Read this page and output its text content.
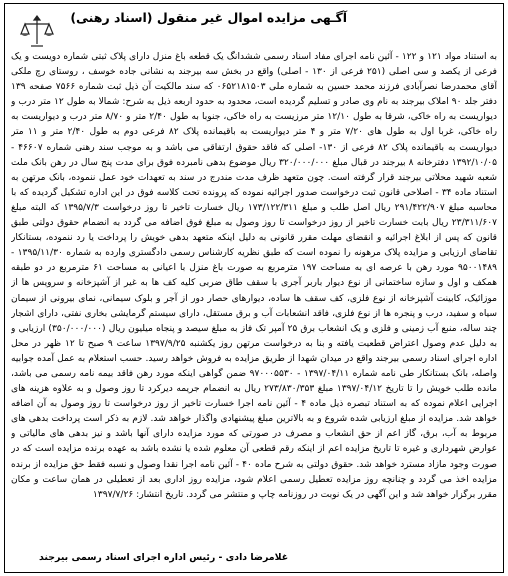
آگـهی مزایده اموال غیر منقول (اسناد رهنی)

به استناد مواد ۱۲۱ و ۱۲۲ - آئین نامه اجرای مفاد اسناد رسمی ششدانگ یک قطعه باغ منزل دارای پلاک ثبتی شماره دویست و یک فرعی از یکصد و سی اصلی (۲۵۱ فرعی از ۱۳۰ - اصلی) واقع در بخش سه بیرجند به نشانی جاده خوسف ، روستای رچ ملکی آقای محمدرضا نصرآبادی فرزند محمد حسین به شماره ملی ۰۶۵۲۱۸۱۵۰۳ که سند مالکیت آن ذیل ثبت شماره ۷۵۶۶ صفحه ۱۳۹ دفتر جلد ۹۰ املاک بیرجند به نام وی صادر و تسلیم گردیده است، محدود به حدود اربعه ذیل به شرح: شمالا به طول ۱۲ متر درب و دیواریست به راه خاکی، شرقا به طول ۱۲/۱۰ متر مرزیست به راه خاکی، جنوبا به طول ۲/۴۰ متر و ۸/۷۰ متر درب و دیواریست به راه خاکی، غربا اول به طول های ۷/۲۰ متر و ۴ متر دیواریست به باقیمانده پلاک ۸۲ فرعی دوم به طول ۲/۴۰ متر و ۱۱ متر دیواریست به باقیمانده پلاک ۸۲ فرعی از ۱۳۰- اصلی که فاقد حقوق ارتفاقی می باشد و به موجب سند رهنی شماره ۴۶۶۰۷ - ۱۳۹۲/۱۰/۰۵ دفترخانه ۸ بیرجند در قبال مبلغ ۳۲۰/۰۰۰/۰۰۰ ریال موضوع بدهی نامبرده فوق برای مدت پنج سال در رهن بانک ملت شعبه شهید محلاتی بیرجند قرار گرفته است. چون متعهد ظرف مدت مندرج در سند به تعهدات خود عمل ننموده، بانک مرتهن به استناد ماده ۳۴ - اصلاحی قانون ثبت درخواست صدور اجرائیه نموده که پرونده تحت کلاسه فوق در این اداره تشکیل گردیده که با محاسبه مبلغ ۲۹۱/۴۲۲/۹۰۷ ریال اصل طلب و مبلغ ۱۷۳/۱۲۲/۳۱۱ ریال خسارت تاخیر تا روز درخواست ۱۳۹۵/۷/۳ که البته مبلغ ۲۳/۳۱۱/۶۰۷ ریال بابت خسارت تاخیر از روز درخواست تا روز وصول به مبلغ فوق اضافه می گردد به انضمام حقوق دولتی طبق قانون که پس از ابلاغ اجرائیه و انقضای مهلت مقرر قانونی به دلیل اینکه متعهد بدهی خویش را پرداخت یا رد ننموده، بستانکار تقاضای ارزیابی و مزایده پلاک مرهونه را نموده است که طبق نظریه کارشناس رسمی دادگستری وارده به شماره ۱۳۹۵/۱۱/۳۰ - ۹۵۰۰۱۴۸۹ مورد رهن با عرصه ای به مساحت ۱۹۷ مترمربع به صورت باغ منزل با اعیانی به مساحت ۶۱ مترمربع در دو طبقه همکف و اول و سازه ساختمانی از نوع دیوار باربر آجری با سقف طاق ضربی کلیه کف ها به غیر از آشپزخانه و سرویس ها از موزائیک، کابینت آشپزخانه از نوع فلزی، کف سقف ها ساده، دیوارهای حصار دور از آجر و بلوک سیمانی، نمای بیرونی از سیمان سیاه و سفید، درب و پنجره ها از نوع فلزی، فاقد انشعابات آب و برق مستقل، دارای سیستم گرمایشی بخاری نفتی، دارای اشجار چند ساله، منبع آب زمینی و فلزی و یک انشعاب برق ۲۵ آمپر تک فاز به مبلغ سیصد و پنجاه میلیون ریال (۳۵۰/۰۰۰/۰۰۰) ارزیابی و به دلیل عدم وصول اعتراض قطعیت یافته و بنا به درخواست مرتهن روز یکشنبه ۱۳۹۷/۹/۲۵ ساعت ۹ صبح تا ۱۲ ظهر در محل اداره اجرای اسناد رسمی بیرجند واقع در میدان شهدا از طریق مزایده به فروش خواهد رسید. حسب استعلام به عمل آمده جوابیه واصله، بانک بستانکار طی نامه شماره ۱۳۹۷/۰۴/۱۱ - ۹۷۰۰۰۵۵۳۰ ضمن گواهی اینکه مورد رهن فاقد بیمه نامه رسمی می باشد، مانده طلب خویش را تا تاریخ ۱۳۹۷/۰۴/۱۲ مبلغ ۲۷۳/۸۳۰/۳۵۳ ریال به انضمام جریمه دیرکرد تا روز وصول و به علاوه هزینه های اجرایی اعلام نموده که به استناد تبصره ذیل ماده ۴ - آئین نامه اجرا خسارت تاخیر از روز درخواست تا روز وصول به آن اضافه خواهد شد. مزایده از مبلغ ارزیابی شده شروع و به بالاترین مبلغ پیشنهادی واگذار خواهد شد. لازم به ذکر است پرداخت بدهی های مربوط به آب، برق، گاز اعم از حق انشعاب و مصرف در صورتی که مورد مزایده دارای آنها باشد و نیز بدهی های مالیاتی و عوارض شهرداری و غیره تا تاریخ مزایده اعم از اینکه رقم قطعی آن معلوم شده یا نشده باشد به عهده برنده مزایده است که در صورت وجود مازاد مسترد خواهد شد. حقوق دولتی به شرح ماده ۴۰ - آئین نامه اجرا نقدا وصول و نسبه فقط حق مزایده از برنده مزایده اخذ می گردد و چنانچه روز مزایده تعطیل رسمی اعلام شود، مزایده روز اداری بعد از تعطیلی در همان ساعت و مکان مقرر برگزار خواهد شد و این آگهی در یک نوبت در روزنامه چاپ و منتشر می گردد. تاریخ انتشار: ۱۳۹۷/۷/۲۶

غلامرضا دادی - رئیس اداره اجرای اسناد رسمی بیرجند
